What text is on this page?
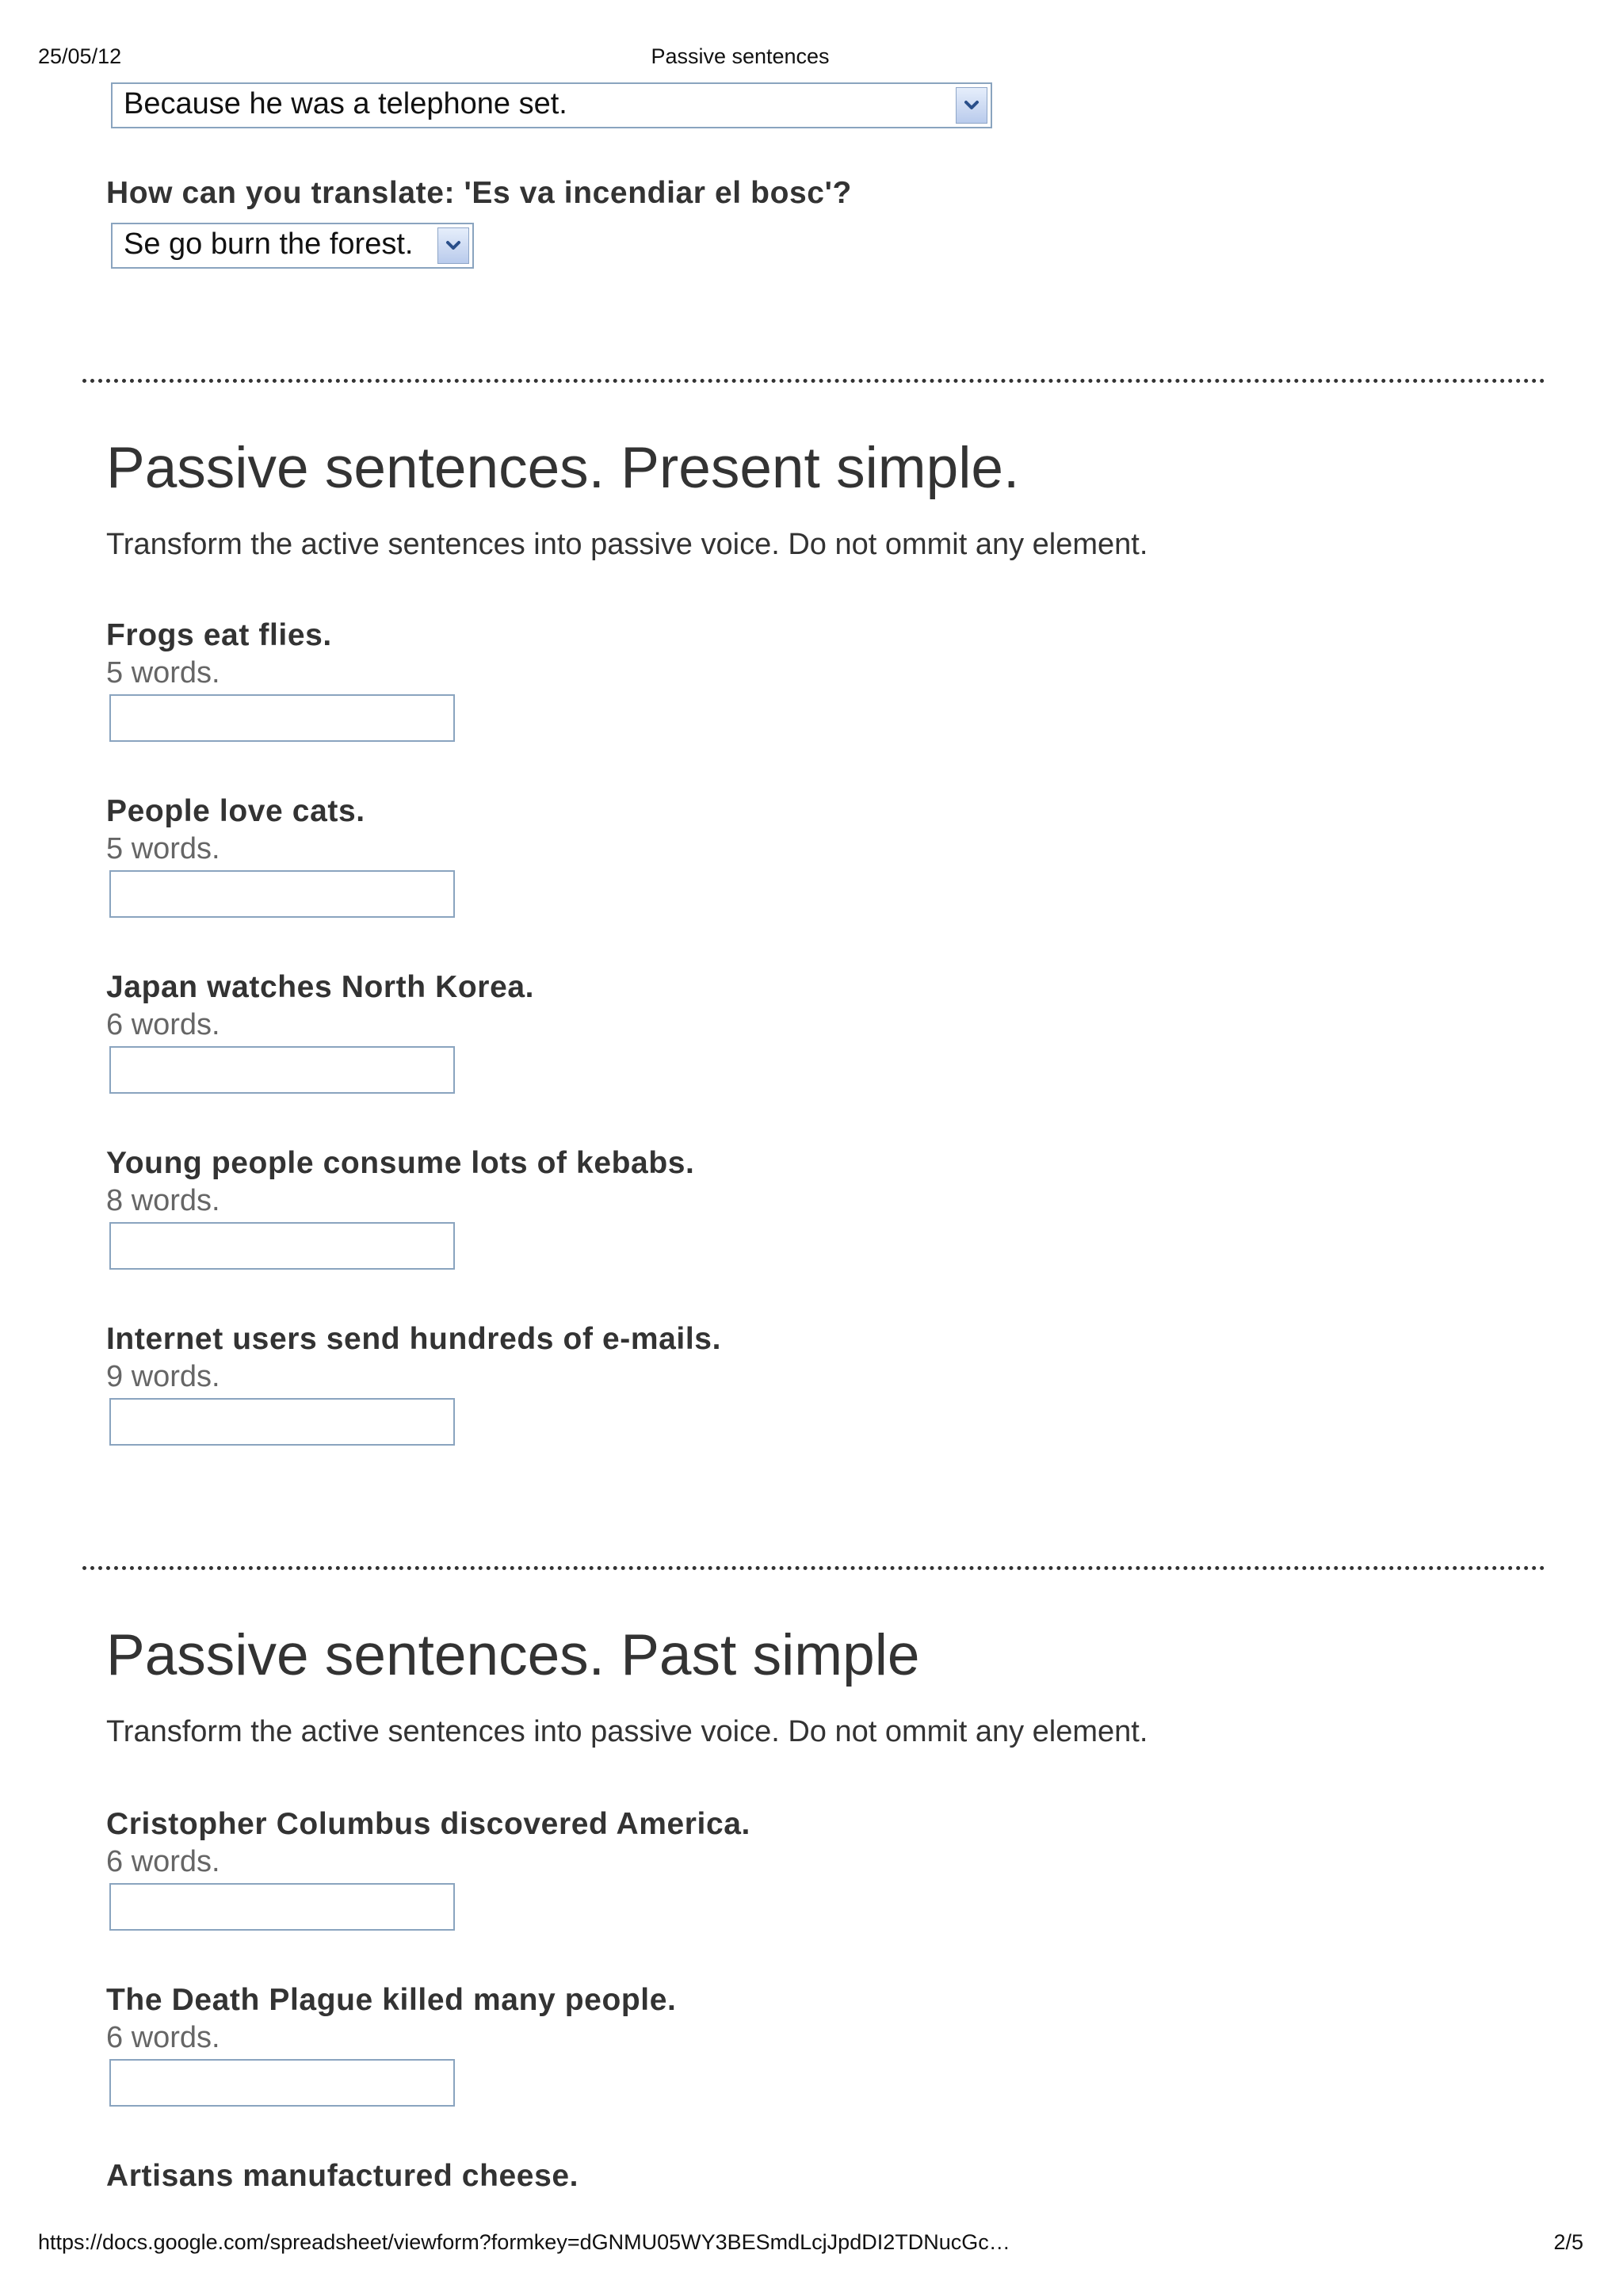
25/05/12	Passive sentences
Because he was a telephone set.

How can you translate: 'Es va incendiar el bosc'?

Se go burn the forest.
Passive sentences. Present simple.

Transform the active sentences into passive voice. Do not ommit any element.

Frogs eat flies.

5 words.

People love cats.

5 words.

Japan watches North Korea.

6 words.

Young people consume lots of kebabs.

8 words.

Internet users send hundreds of e-mails.

9 words.

Passive sentences. Past simple

Transform the active sentences into passive voice. Do not ommit any element.

Cristopher Columbus discovered America.

6 words.

The Death Plague killed many people.

6 words.

Artisans manufactured cheese.

https://docs.google.com/spreadsheet/viewform?formkey=dGNMU05WY3BESmdLcjJpdDI2TDNucGc…	2/5
